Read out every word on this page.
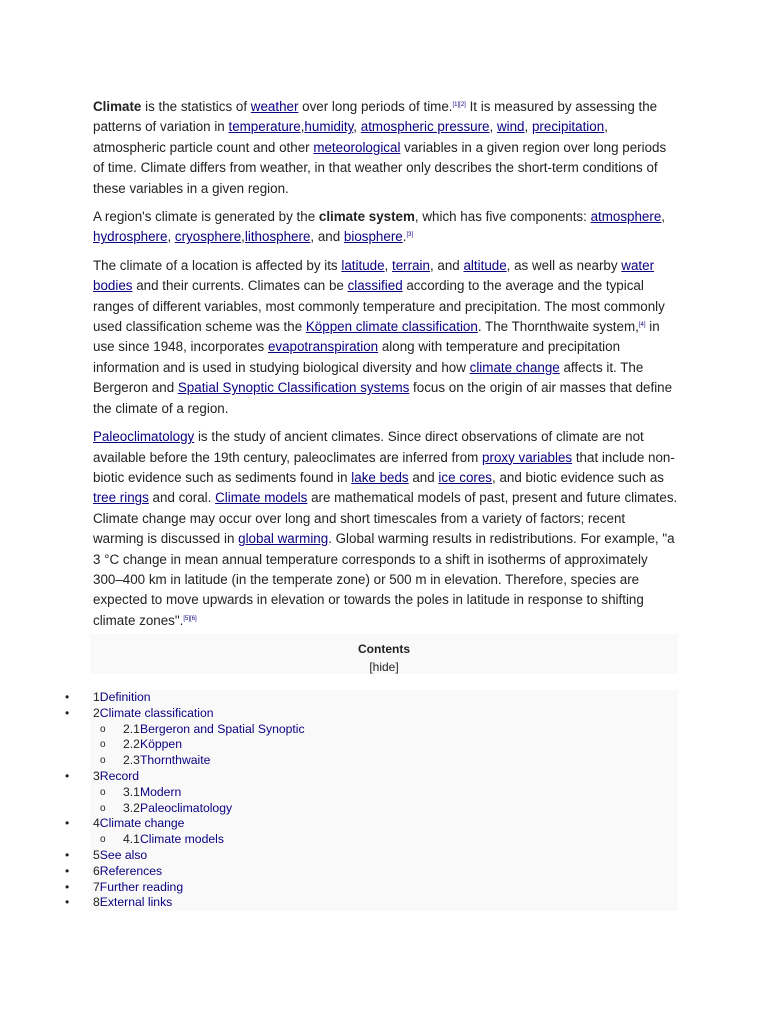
Climate is the statistics of weather over long periods of time.[1][2] It is measured by assessing the patterns of variation in temperature,humidity, atmospheric pressure, wind, precipitation, atmospheric particle count and other meteorological variables in a given region over long periods of time. Climate differs from weather, in that weather only describes the short-term conditions of these variables in a given region.

A region's climate is generated by the climate system, which has five components: atmosphere, hydrosphere, cryosphere,lithosphere, and biosphere.[3]

The climate of a location is affected by its latitude, terrain, and altitude, as well as nearby water bodies and their currents. Climates can be classified according to the average and the typical ranges of different variables, most commonly temperature and precipitation. The most commonly used classification scheme was the Köppen climate classification. The Thornthwaite system,[4] in use since 1948, incorporates evapotranspiration along with temperature and precipitation information and is used in studying biological diversity and how climate change affects it. The Bergeron and Spatial Synoptic Classification systems focus on the origin of air masses that define the climate of a region.

Paleoclimatology is the study of ancient climates. Since direct observations of climate are not available before the 19th century, paleoclimates are inferred from proxy variables that include non-biotic evidence such as sediments found in lake beds and ice cores, and biotic evidence such as tree rings and coral. Climate models are mathematical models of past, present and future climates. Climate change may occur over long and short timescales from a variety of factors; recent warming is discussed in global warming. Global warming results in redistributions. For example, "a 3 °C change in mean annual temperature corresponds to a shift in isotherms of approximately 300–400 km in latitude (in the temperate zone) or 500 m in elevation. Therefore, species are expected to move upwards in elevation or towards the poles in latitude in response to shifting climate zones".[5][6]

Contents
[hide]
• 1Definition
• 2Climate classification
o 2.1Bergeron and Spatial Synoptic
o 2.2Köppen
o 2.3Thornthwaite
• 3Record
o 3.1Modern
o 3.2Paleoclimatology
• 4Climate change
o 4.1Climate models
• 5See also
• 6References
• 7Further reading
• 8External links
